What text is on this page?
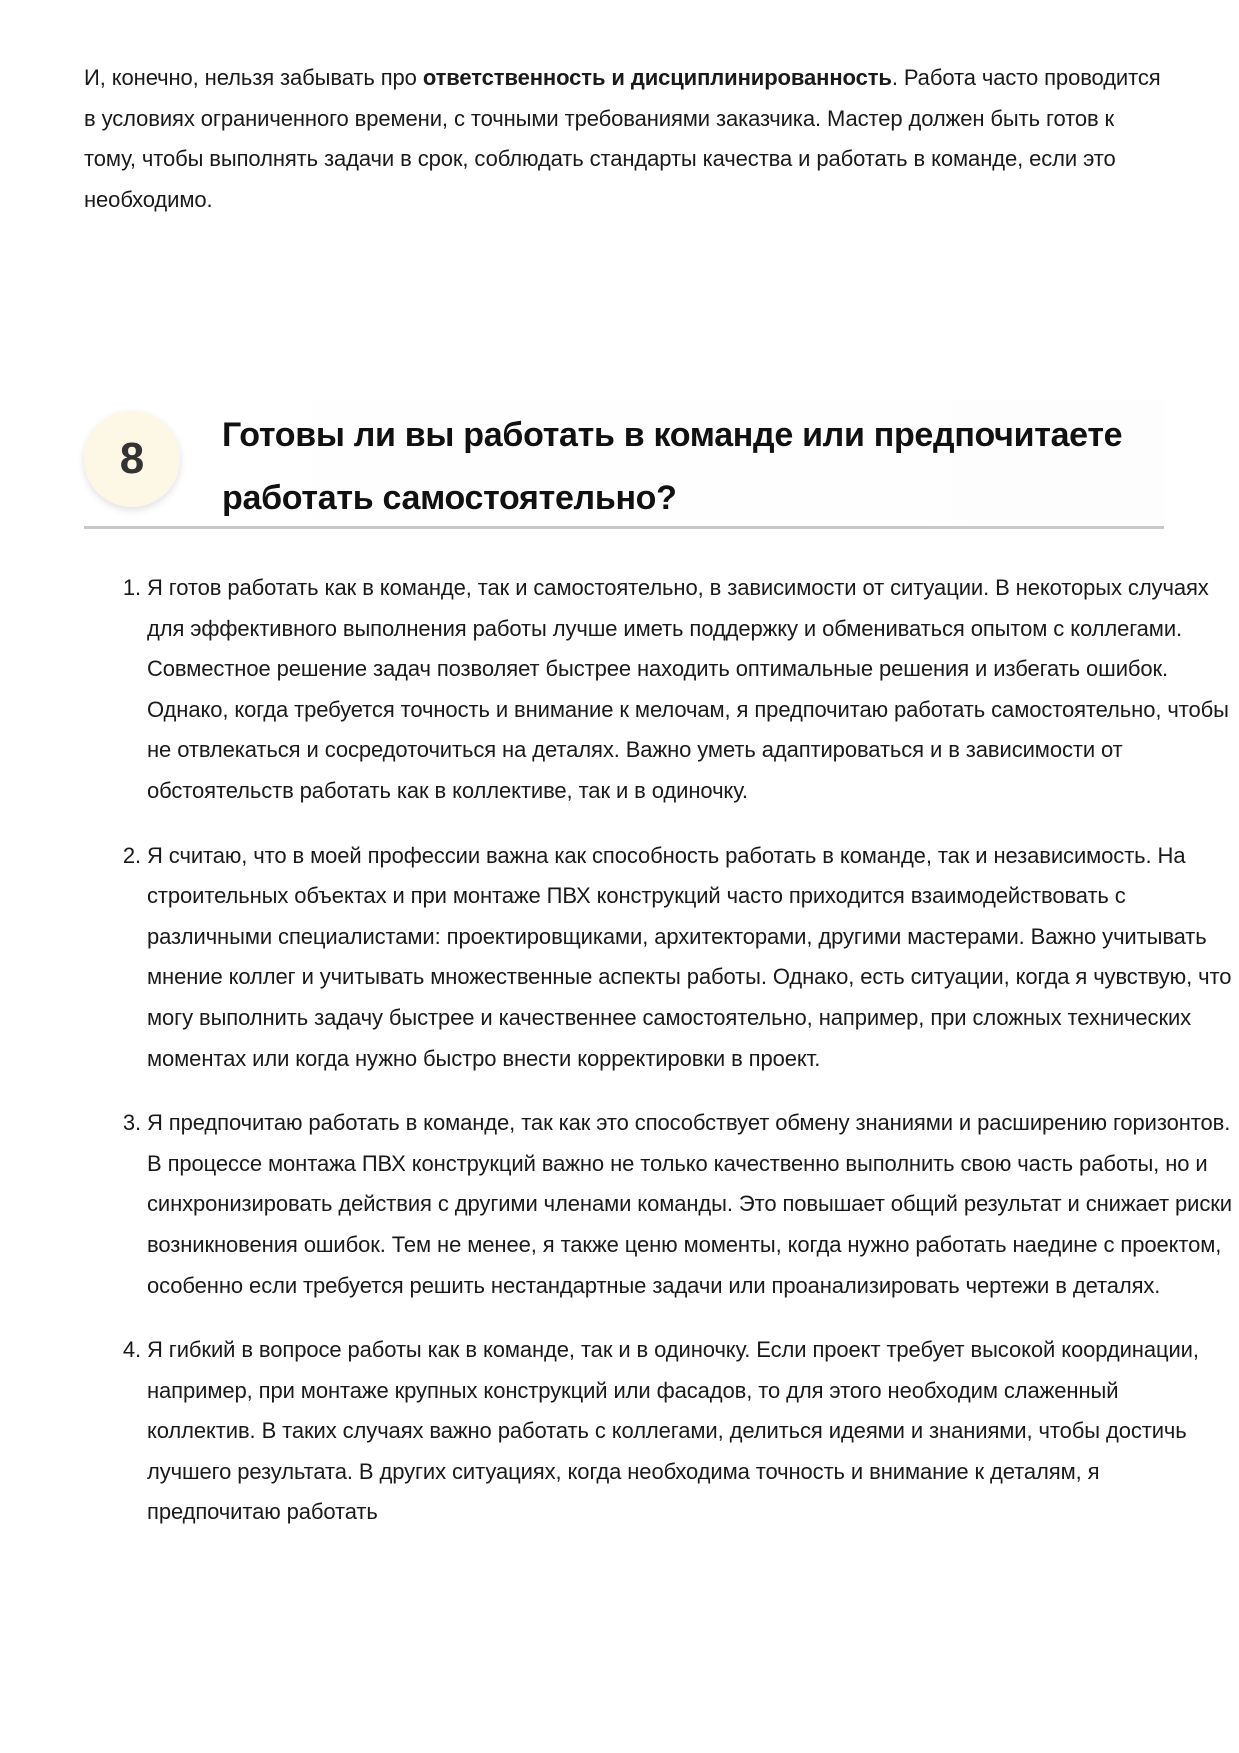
И, конечно, нельзя забывать про ответственность и дисциплинированность. Работа часто проводится в условиях ограниченного времени, с точными требованиями заказчика. Мастер должен быть готов к тому, чтобы выполнять задачи в срок, соблюдать стандарты качества и работать в команде, если это необходимо.

8	Готовы ли вы работать в команде или предпочитаете работать самостоятельно?
1. Я готов работать как в команде, так и самостоятельно, в зависимости от ситуации. В некоторых случаях для эффективного выполнения работы лучше иметь поддержку и обмениваться опытом с коллегами. Совместное решение задач позволяет быстрее находить оптимальные решения и избегать ошибок. Однако, когда требуется точность и внимание к мелочам, я предпочитаю работать самостоятельно, чтобы не отвлекаться и сосредоточиться на деталях. Важно уметь адаптироваться и в зависимости от обстоятельств работать как в коллективе, так и в одиночку.
2. Я считаю, что в моей профессии важна как способность работать в команде, так и независимость. На строительных объектах и при монтаже ПВХ конструкций часто приходится взаимодействовать с различными специалистами: проектировщиками, архитекторами, другими мастерами. Важно учитывать мнение коллег и учитывать множественные аспекты работы. Однако, есть ситуации, когда я чувствую, что могу выполнить задачу быстрее и качественнее самостоятельно, например, при сложных технических моментах или когда нужно быстро внести корректировки в проект.
3. Я предпочитаю работать в команде, так как это способствует обмену знаниями и расширению горизонтов. В процессе монтажа ПВХ конструкций важно не только качественно выполнить свою часть работы, но и синхронизировать действия с другими членами команды. Это повышает общий результат и снижает риски возникновения ошибок. Тем не менее, я также ценю моменты, когда нужно работать наедине с проектом, особенно если требуется решить нестандартные задачи или проанализировать чертежи в деталях.
4. Я гибкий в вопросе работы как в команде, так и в одиночку. Если проект требует высокой координации, например, при монтаже крупных конструкций или фасадов, то для этого необходим слаженный коллектив. В таких случаях важно работать с коллегами, делиться идеями и знаниями, чтобы достичь лучшего результата. В других ситуациях, когда необходима точность и внимание к деталям, я предпочитаю работать
